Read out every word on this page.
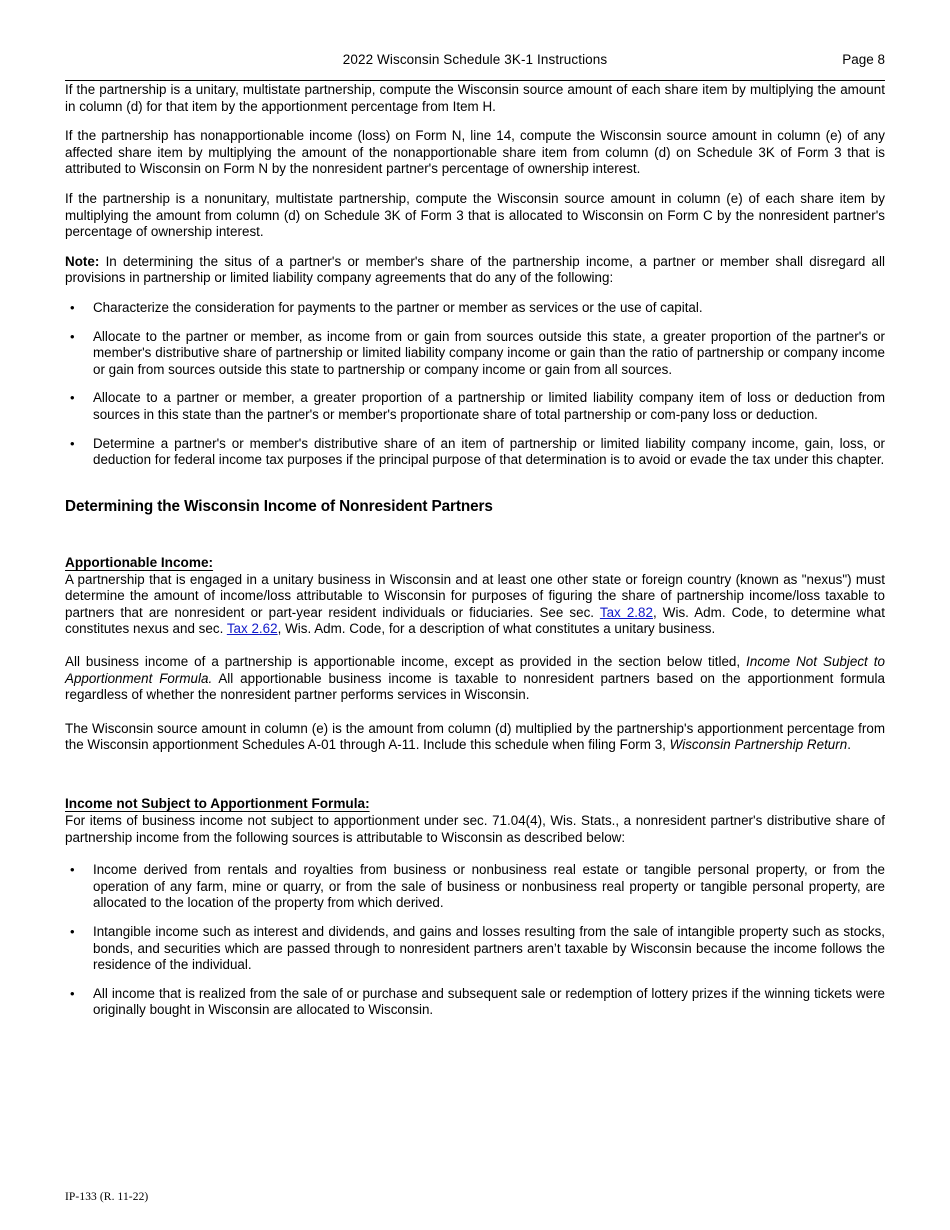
2022 Wisconsin Schedule 3K-1 Instructions	Page 8

If the partnership is a unitary, multistate partnership, compute the Wisconsin source amount of each share item by multiplying the amount in column (d) for that item by the apportionment percentage from Item H.

If the partnership has nonapportionable income (loss) on Form N, line 14, compute the Wisconsin source amount in column (e) of any affected share item by multiplying the amount of the nonapportionable share item from column (d) on Schedule 3K of Form 3 that is attributed to Wisconsin on Form N by the nonresident partner's percentage of ownership interest.

If the partnership is a nonunitary, multistate partnership, compute the Wisconsin source amount in column (e) of each share item by multiplying the amount from column (d) on Schedule 3K of Form 3 that is allocated to Wisconsin on Form C by the nonresident partner's percentage of ownership interest.

Note: In determining the situs of a partner's or member's share of the partnership income, a partner or member shall disregard all provisions in partnership or limited liability company agreements that do any of the following:

• Characterize the consideration for payments to the partner or member as services or the use of capital.
• Allocate to the partner or member, as income from or gain from sources outside this state, a greater proportion of the partner's or member's distributive share of partnership or limited liability company income or gain than the ratio of partnership or company income or gain from sources outside this state to partnership or company income or gain from all sources.
• Allocate to a partner or member, a greater proportion of a partnership or limited liability company item of loss or deduction from sources in this state than the partner's or member's proportionate share of total partnership or com-pany loss or deduction.
• Determine a partner's or member's distributive share of an item of partnership or limited liability company income, gain, loss, or deduction for federal income tax purposes if the principal purpose of that determination is to avoid or evade the tax under this chapter.
Determining the Wisconsin Income of Nonresident Partners
Apportionable Income:

A partnership that is engaged in a unitary business in Wisconsin and at least one other state or foreign country (known as "nexus") must determine the amount of income/loss attributable to Wisconsin for purposes of figuring the share of partnership income/loss taxable to partners that are nonresident or part-year resident individuals or fiduciaries. See sec. Tax 2.82, Wis. Adm. Code, to determine what constitutes nexus and sec. Tax 2.62, Wis. Adm. Code, for a description of what constitutes a unitary business.

All business income of a partnership is apportionable income, except as provided in the section below titled, Income Not Subject to Apportionment Formula. All apportionable business income is taxable to nonresident partners based on the apportionment formula regardless of whether the nonresident partner performs services in Wisconsin.

The Wisconsin source amount in column (e) is the amount from column (d) multiplied by the partnership's apportionment percentage from the Wisconsin apportionment Schedules A-01 through A-11. Include this schedule when filing Form 3, Wisconsin Partnership Return.

Income not Subject to Apportionment Formula:

For items of business income not subject to apportionment under sec. 71.04(4), Wis. Stats., a nonresident partner's distributive share of partnership income from the following sources is attributable to Wisconsin as described below:

• Income derived from rentals and royalties from business or nonbusiness real estate or tangible personal property, or from the operation of any farm, mine or quarry, or from the sale of business or nonbusiness real property or tangible personal property, are allocated to the location of the property from which derived.
• Intangible income such as interest and dividends, and gains and losses resulting from the sale of intangible property such as stocks, bonds, and securities which are passed through to nonresident partners aren’t taxable by Wisconsin because the income follows the residence of the individual.
• All income that is realized from the sale of or purchase and subsequent sale or redemption of lottery prizes if the winning tickets were originally bought in Wisconsin are allocated to Wisconsin.
IP-133 (R. 11-22)
